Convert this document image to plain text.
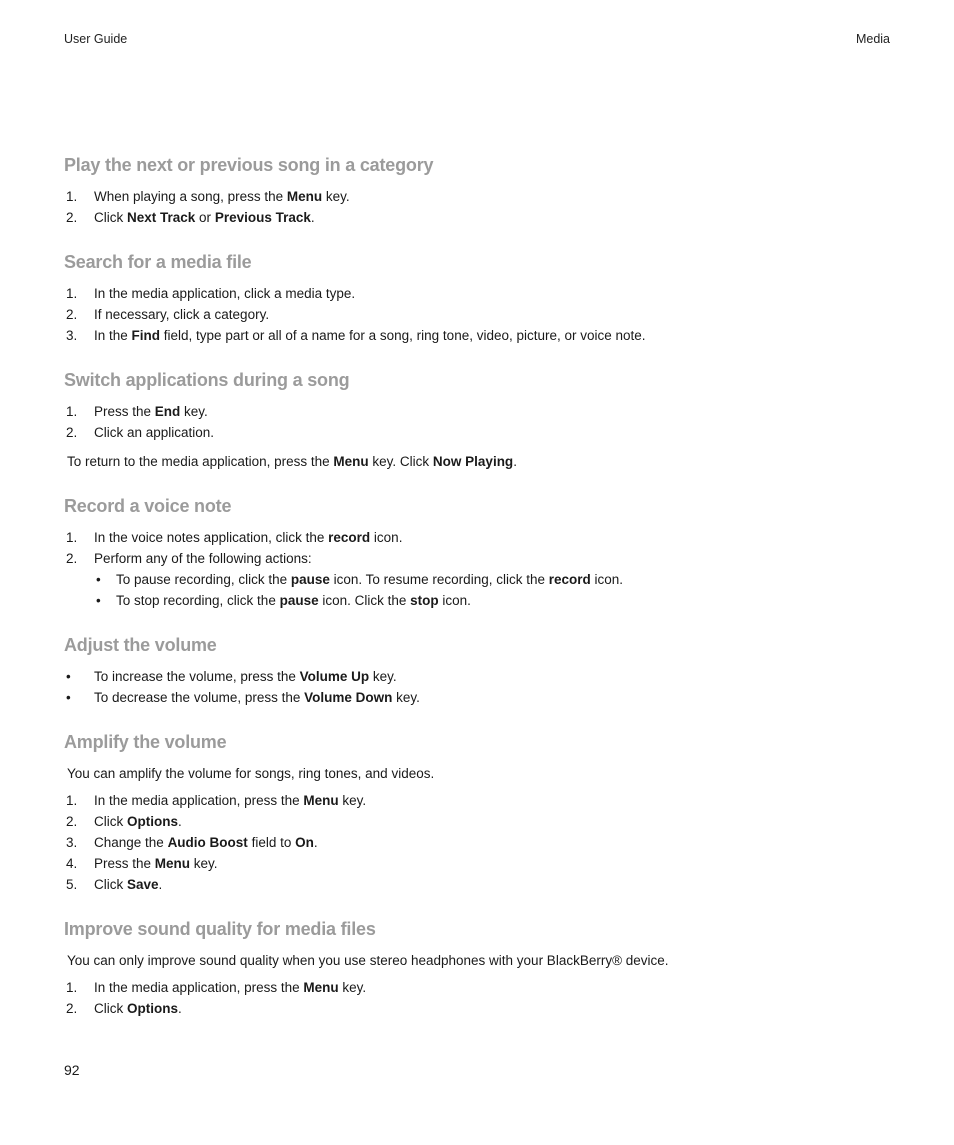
User Guide	Media
Play the next or previous song in a category
1. When playing a song, press the Menu key.
2. Click Next Track or Previous Track.
Search for a media file
1. In the media application, click a media type.
2. If necessary, click a category.
3. In the Find field, type part or all of a name for a song, ring tone, video, picture, or voice note.
Switch applications during a song
1. Press the End key.
2. Click an application.

To return to the media application, press the Menu key. Click Now Playing.

Record a voice note
1. In the voice notes application, click the record icon.
2. Perform any of the following actions:
• To pause recording, click the pause icon. To resume recording, click the record icon.
• To stop recording, click the pause icon. Click the stop icon.
Adjust the volume
• To increase the volume, press the Volume Up key.
• To decrease the volume, press the Volume Down key.
Amplify the volume

You can amplify the volume for songs, ring tones, and videos.

1. In the media application, press the Menu key.
2. Click Options.
3. Change the Audio Boost field to On.
4. Press the Menu key.
5. Click Save.
Improve sound quality for media files

You can only improve sound quality when you use stereo headphones with your BlackBerry® device.

1. In the media application, press the Menu key.
2. Click Options.
92
